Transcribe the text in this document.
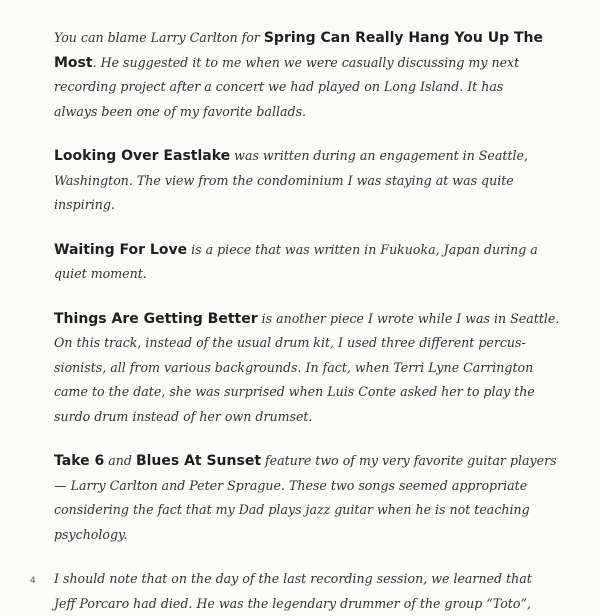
You can blame Larry Carlton for Spring Can Really Hang You Up The

Most. He suggested it to me when we were casually discussing my next

recording project after a concert we had played on Long Island. It has

always been one of my favorite ballads.

Looking Over Eastlake was written during an engagement in Seattle,

Washington. The view from the condominium I was staying at was quite

inspiring.

Waiting For Love is a piece that was written in Fukuoka, Japan during a

quiet moment.

Things Are Getting Better is another piece I wrote while I was in Seattle.

On this track, instead of the usual drum kit, I used three different percus-

sionists, all from various backgrounds. In fact, when Terri Lyne Carrington

came to the date, she was surprised when Luis Conte asked her to play the

surdo drum instead of her own drumset.

Take 6 and Blues At Sunset feature two of my very favorite guitar players

— Larry Carlton and Peter Sprague. These two songs seemed appropriate

considering the fact that my Dad plays jazz guitar when he is not teaching

psychology.

I should note that on the day of the last recording session, we learned that

Jeff Porcaro had died. He was the legendary drummer of the group “Toto”,

4
